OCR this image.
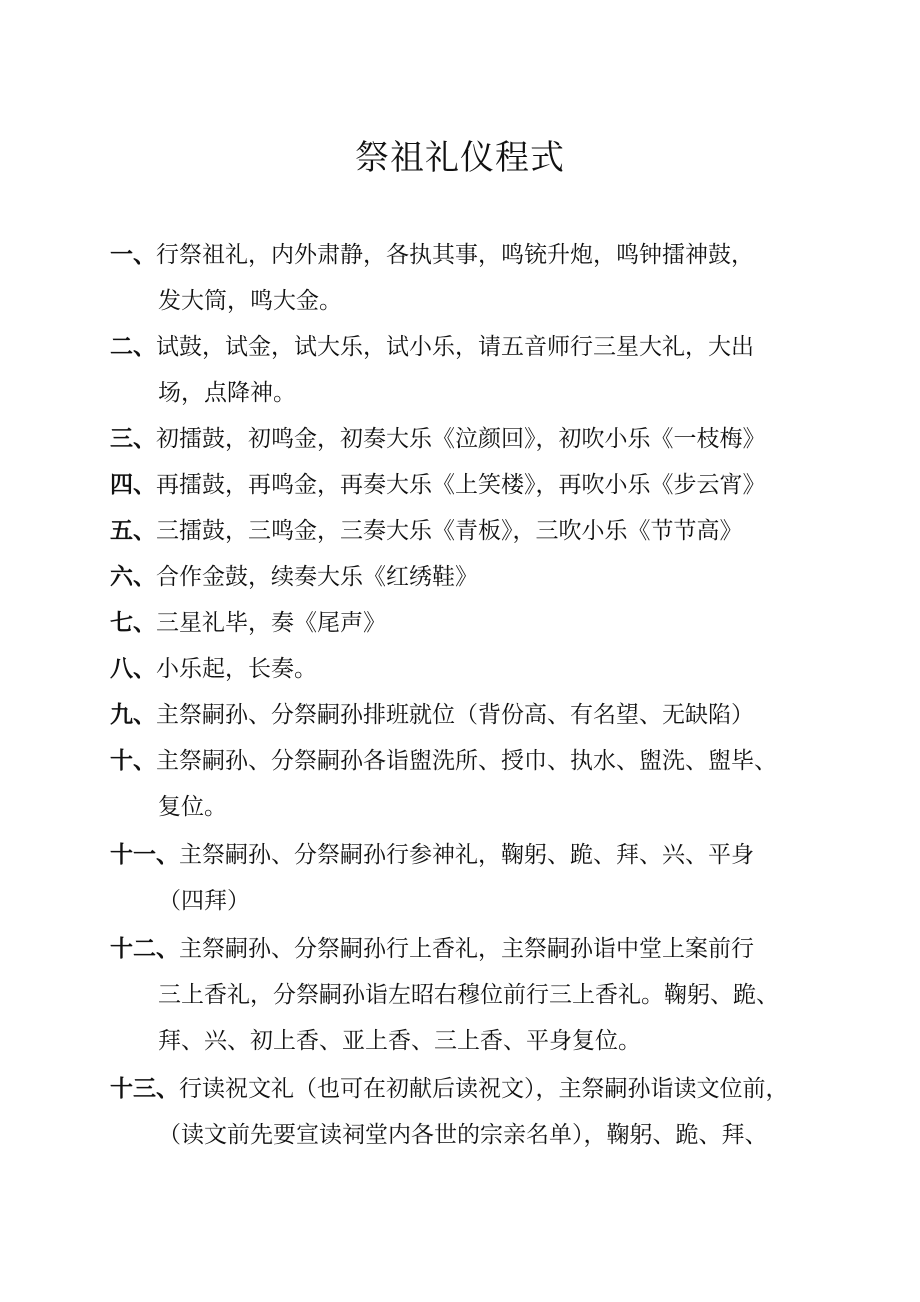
祭祖礼仪程式
一、行祭祖礼，内外肃静，各执其事，鸣铳升炮，鸣钟擂神鼓，
发大筒，鸣大金。
二、试鼓，试金，试大乐，试小乐，请五音师行三星大礼，大出
场，点降神。
三、初擂鼓，初鸣金，初奏大乐《泣颜回》，初吹小乐《一枝梅》
四、再擂鼓，再鸣金，再奏大乐《上笑楼》，再吹小乐《步云宵》
五、三擂鼓，三鸣金，三奏大乐《青板》，三吹小乐《节节高》
六、合作金鼓，续奏大乐《红绣鞋》
七、三星礼毕，奏《尾声》
八、小乐起，长奏。
九、主祭嗣孙、分祭嗣孙排班就位（背份高、有名望、无缺陷）
十、主祭嗣孙、分祭嗣孙各诣盥洗所、授巾、执水、盥洗、盥毕、
复位。
十一、主祭嗣孙、分祭嗣孙行参神礼，鞠躬、跪、拜、兴、平身
（四拜）
十二、主祭嗣孙、分祭嗣孙行上香礼，主祭嗣孙诣中堂上案前行
三上香礼，分祭嗣孙诣左昭右穆位前行三上香礼。鞠躬、跪、
拜、兴、初上香、亚上香、三上香、平身复位。
十三、行读祝文礼（也可在初献后读祝文），主祭嗣孙诣读文位前，
（读文前先要宣读祠堂内各世的宗亲名单），鞠躬、跪、拜、
